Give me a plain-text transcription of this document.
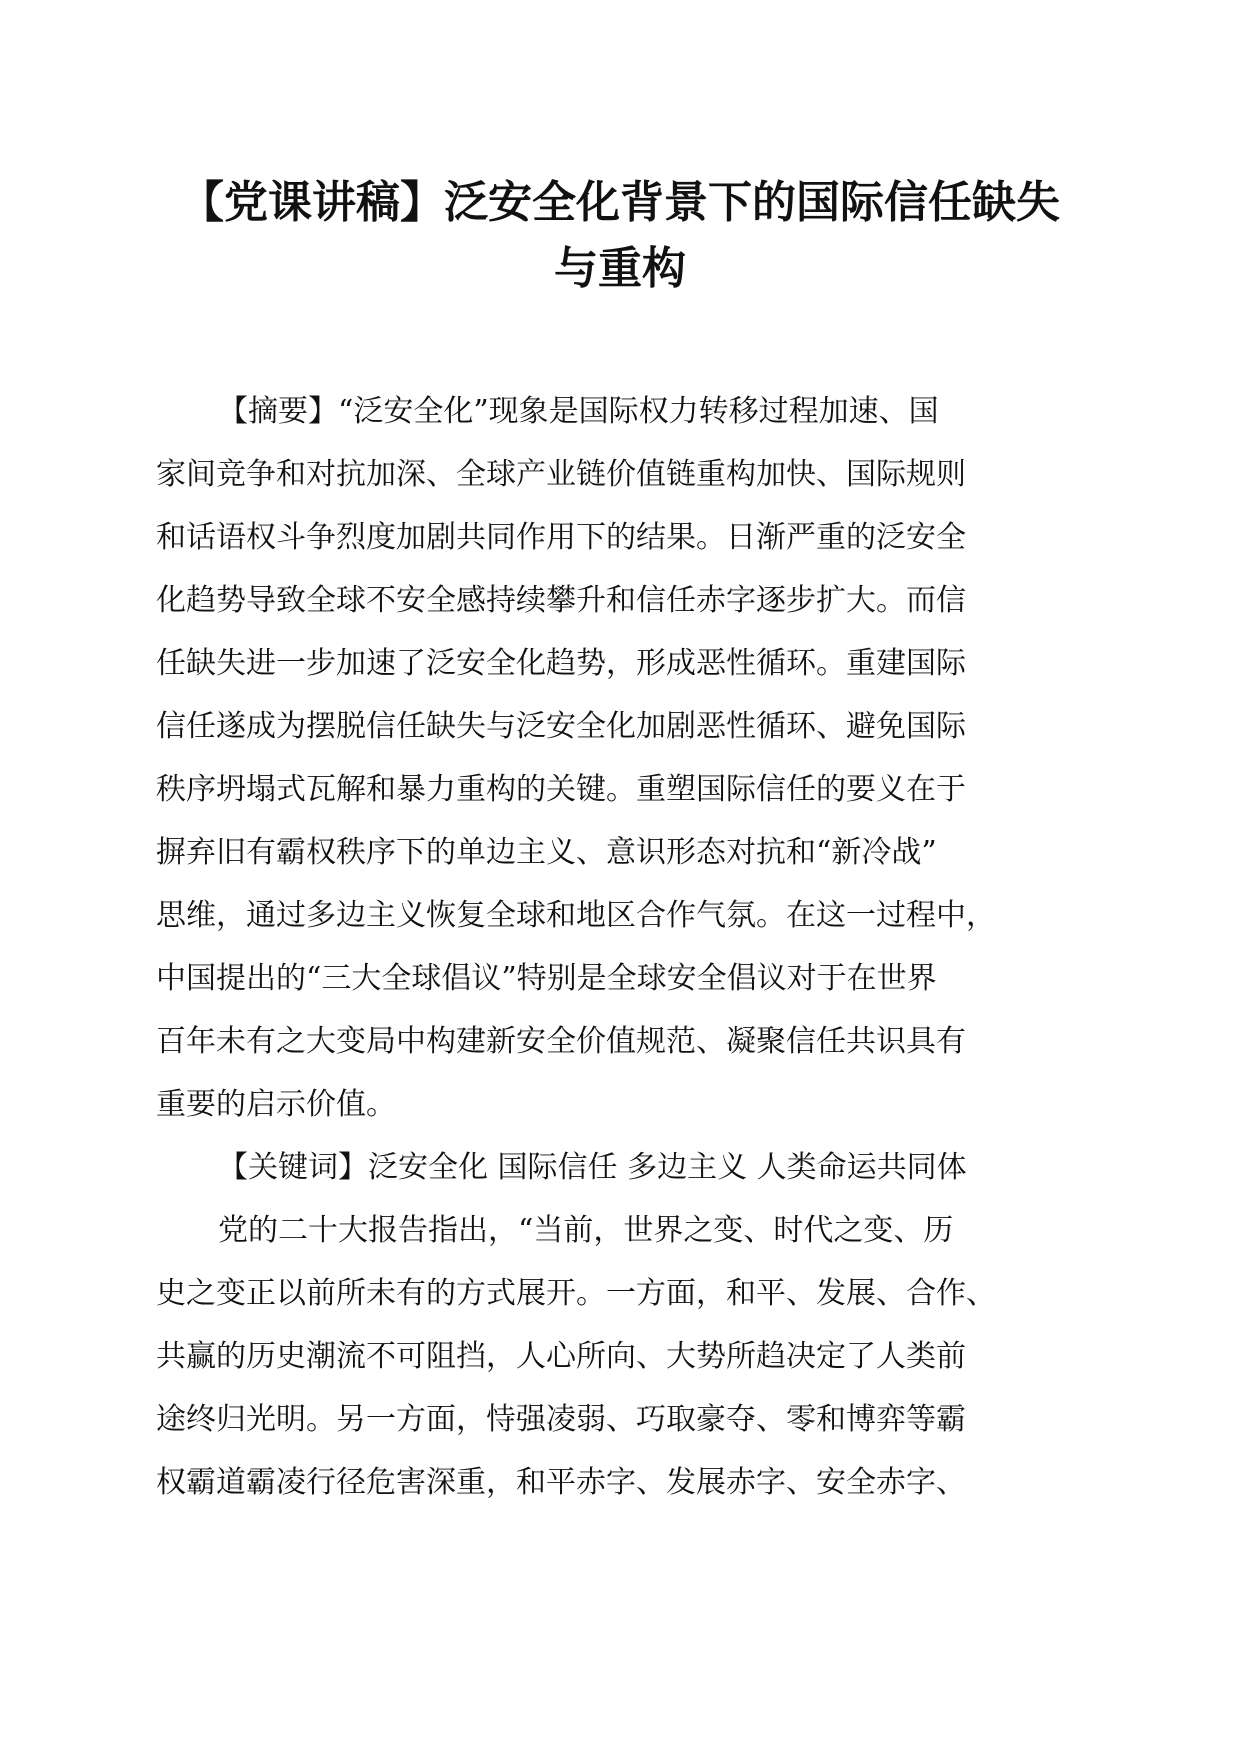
【党课讲稿】泛安全化背景下的国际信任缺失
与重构
【摘要】“泛安全化”现象是国际权力转移过程加速、国
家间竞争和对抗加深、全球产业链价值链重构加快、国际规则
和话语权斗争烈度加剧共同作用下的结果。日渐严重的泛安全
化趋势导致全球不安全感持续攀升和信任赤字逐步扩大。而信
任缺失进一步加速了泛安全化趋势，形成恶性循环。重建国际
信任遂成为摆脱信任缺失与泛安全化加剧恶性循环、避免国际
秩序坍塌式瓦解和暴力重构的关键。重塑国际信任的要义在于
摒弃旧有霸权秩序下的单边主义、意识形态对抗和“新冷战”
思维，通过多边主义恢复全球和地区合作气氛。在这一过程中，
中国提出的“三大全球倡议”特别是全球安全倡议对于在世界
百年未有之大变局中构建新安全价值规范、凝聚信任共识具有
重要的启示价值。
【关键词】泛安全化 国际信任 多边主义 人类命运共同体
党的二十大报告指出，“当前，世界之变、时代之变、历
史之变正以前所未有的方式展开。一方面，和平、发展、合作、
共赢的历史潮流不可阻挡，人心所向、大势所趋决定了人类前
途终归光明。另一方面，恃强凌弱、巧取豪夺、零和博弈等霸
权霸道霸凌行径危害深重，和平赤字、发展赤字、安全赤字、
